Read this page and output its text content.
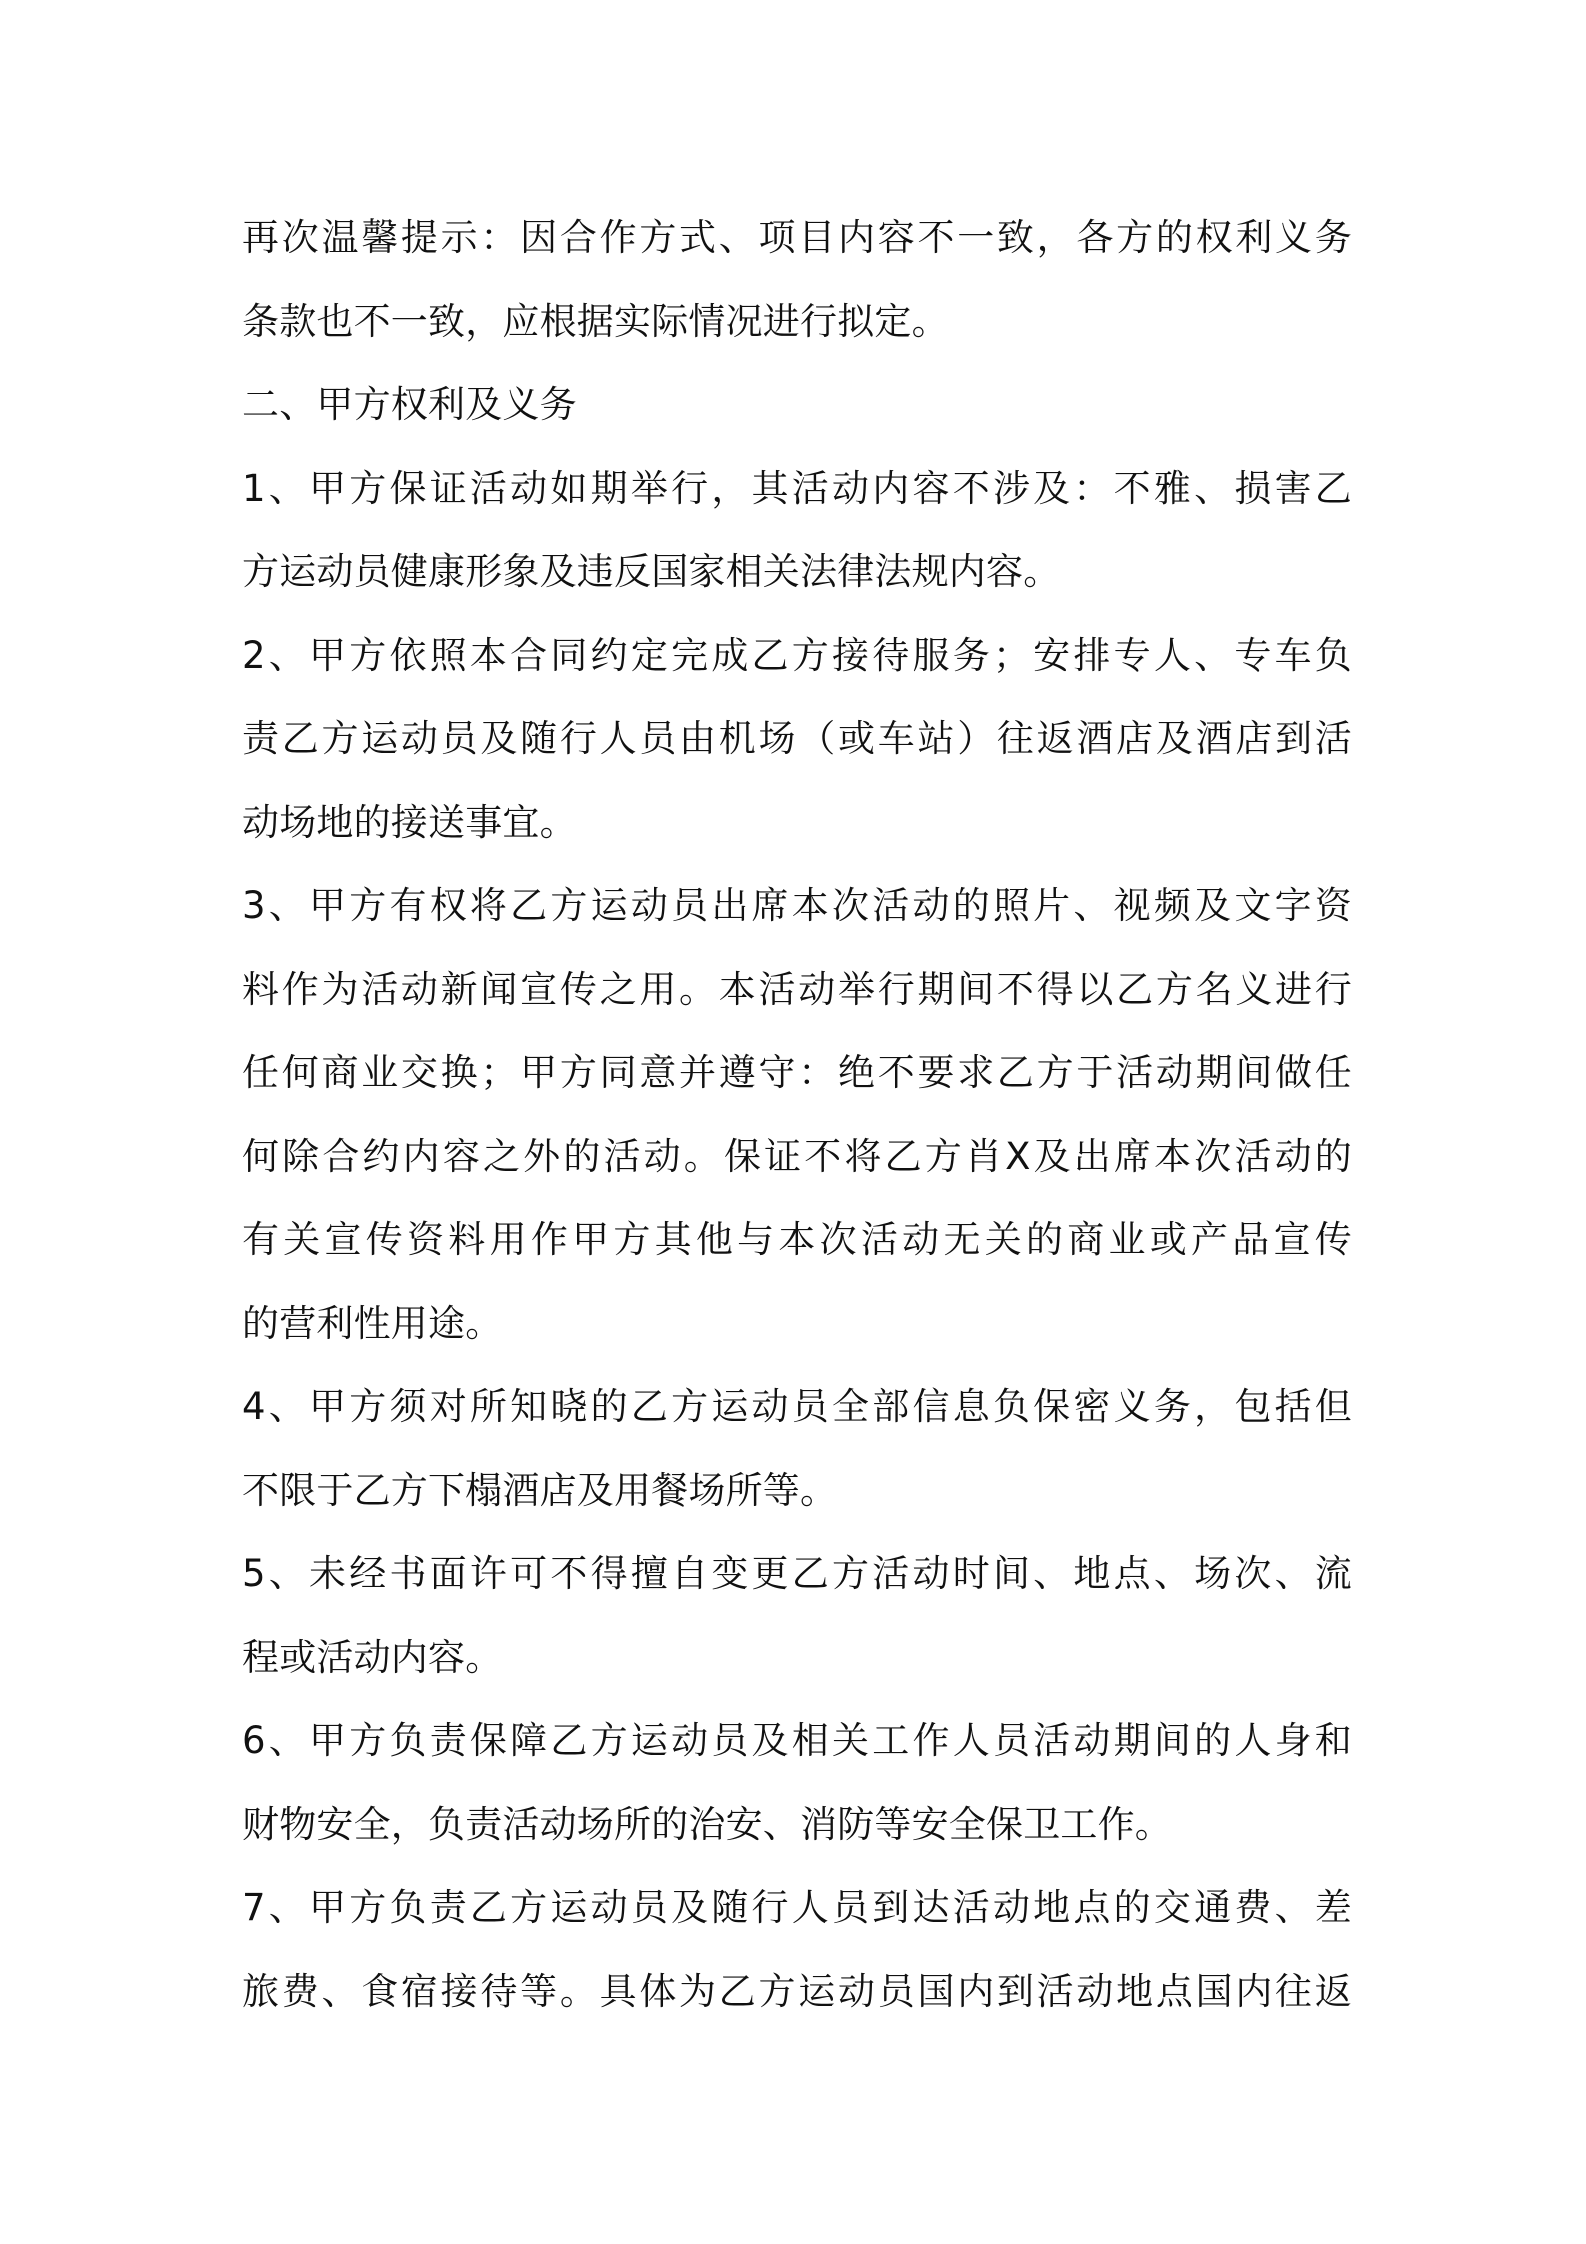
再次温馨提示：因合作方式、项目内容不一致，各方的权利义务
条款也不一致，应根据实际情况进行拟定。

二、甲方权利及义务

1、甲方保证活动如期举行，其活动内容不涉及：不雅、损害乙
方运动员健康形象及违反国家相关法律法规内容。

2、甲方依照本合同约定完成乙方接待服务；安排专人、专车负
责乙方运动员及随行人员由机场（或车站）往返酒店及酒店到活
动场地的接送事宜。

3、甲方有权将乙方运动员出席本次活动的照片、视频及文字资
料作为活动新闻宣传之用。本活动举行期间不得以乙方名义进行
任何商业交换；甲方同意并遵守：绝不要求乙方于活动期间做任
何除合约内容之外的活动。保证不将乙方肖X及出席本次活动的
有关宣传资料用作甲方其他与本次活动无关的商业或产品宣传
的营利性用途。

4、甲方须对所知晓的乙方运动员全部信息负保密义务，包括但
不限于乙方下榻酒店及用餐场所等。

5、未经书面许可不得擅自变更乙方活动时间、地点、场次、流
程或活动内容。

6、甲方负责保障乙方运动员及相关工作人员活动期间的人身和
财物安全，负责活动场所的治安、消防等安全保卫工作。

7、甲方负责乙方运动员及随行人员到达活动地点的交通费、差
旅费、食宿接待等。具体为乙方运动员国内到活动地点国内往返
